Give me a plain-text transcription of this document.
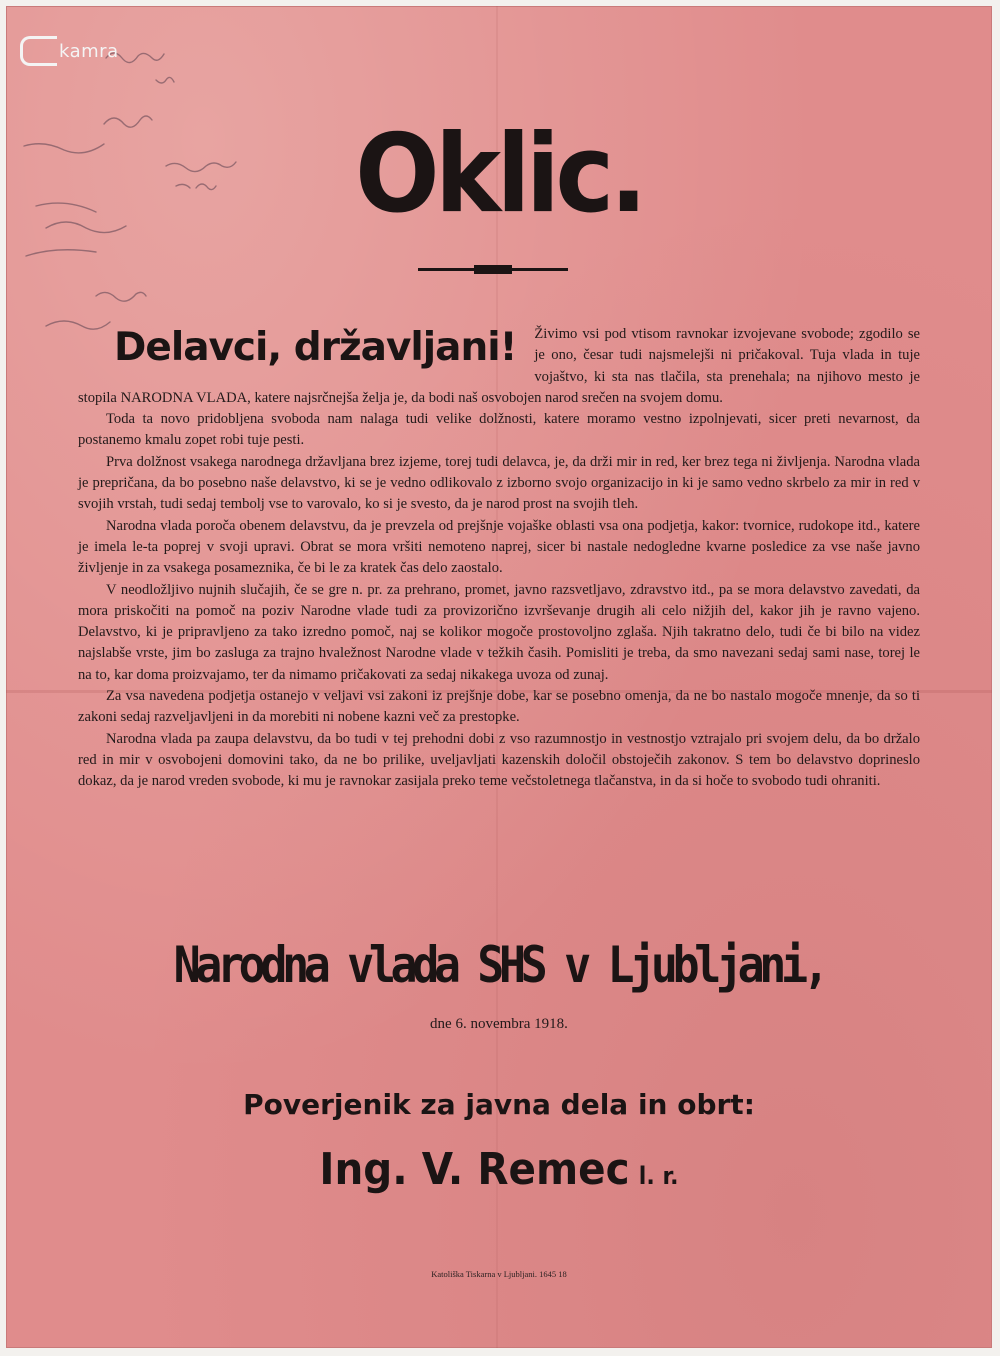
kamra
Oklic.
Delavci, državljani!	Živimo vsi pod vtisom ravnokar izvojevane svobode; zgodilo se je ono, česar tudi najsmelejši ni pričakoval. Tuja vlada in tuje vojaštvo, ki sta nas tlačila, sta prenehala; na njihovo mesto je stopila NARODNA VLADA, katere najsrčnejša želja je, da bodi naš osvobojen narod srečen na svojem domu.

Toda ta novo pridobljena svoboda nam nalaga tudi velike dolžnosti, katere moramo vestno izpolnjevati, sicer preti nevarnost, da postanemo kmalu zopet robi tuje pesti.

Prva dolžnost vsakega narodnega državljana brez izjeme, torej tudi delavca, je, da drži mir in red, ker brez tega ni življenja. Narodna vlada je prepričana, da bo posebno naše delavstvo, ki se je vedno odlikovalo z izborno svojo organizacijo in ki je samo vedno skrbelo za mir in red v svojih vrstah, tudi sedaj tembolj vse to varovalo, ko si je svesto, da je narod prost na svojih tleh.

Narodna vlada poroča obenem delavstvu, da je prevzela od prejšnje vojaške oblasti vsa ona podjetja, kakor: tvornice, rudokope itd., katere je imela le-ta poprej v svoji upravi. Obrat se mora vršiti nemoteno naprej, sicer bi nastale nedogledne kvarne posledice za vse naše javno življenje in za vsakega posameznika, če bi le za kratek čas delo zaostalo.

V neodložljivo nujnih slučajih, če se gre n. pr. za prehrano, promet, javno razsvetljavo, zdravstvo itd., pa se mora delavstvo zavedati, da mora priskočiti na pomoč na poziv Narodne vlade tudi za provizorično izvrševanje drugih ali celo nižjih del, kakor jih je ravno vajeno. Delavstvo, ki je pripravljeno za tako izredno pomoč, naj se kolikor mogoče prostovoljno zglaša. Njih takratno delo, tudi če bi bilo na videz najslabše vrste, jim bo zasluga za trajno hvaležnost Narodne vlade v težkih časih. Pomisliti je treba, da smo navezani sedaj sami nase, torej le na to, kar doma proizvajamo, ter da nimamo pričakovati za sedaj nikakega uvoza od zunaj.

Za vsa navedena podjetja ostanejo v veljavi vsi zakoni iz prejšnje dobe, kar se posebno omenja, da ne bo nastalo mogoče mnenje, da so ti zakoni sedaj razveljavljeni in da morebiti ni nobene kazni več za prestopke.

Narodna vlada pa zaupa delavstvu, da bo tudi v tej prehodni dobi z vso razumnostjo in vestnostjo vztrajalo pri svojem delu, da bo držalo red in mir v osvobojeni domovini tako, da ne bo prilike, uveljavljati kazenskih določil obstoječih zakonov. S tem bo delavstvo doprineslo dokaz, da je narod vreden svobode, ki mu je ravnokar zasijala preko teme večstoletnega tlačanstva, in da si hoče to svobodo tudi ohraniti.

Narodna vlada SHS v Ljubljani,
dne 6. novembra 1918.
Poverjenik za javna dela in obrt:
Ing. V. Remec l. r.
Katoliška Tiskarna v Ljubljani. 1645 18
